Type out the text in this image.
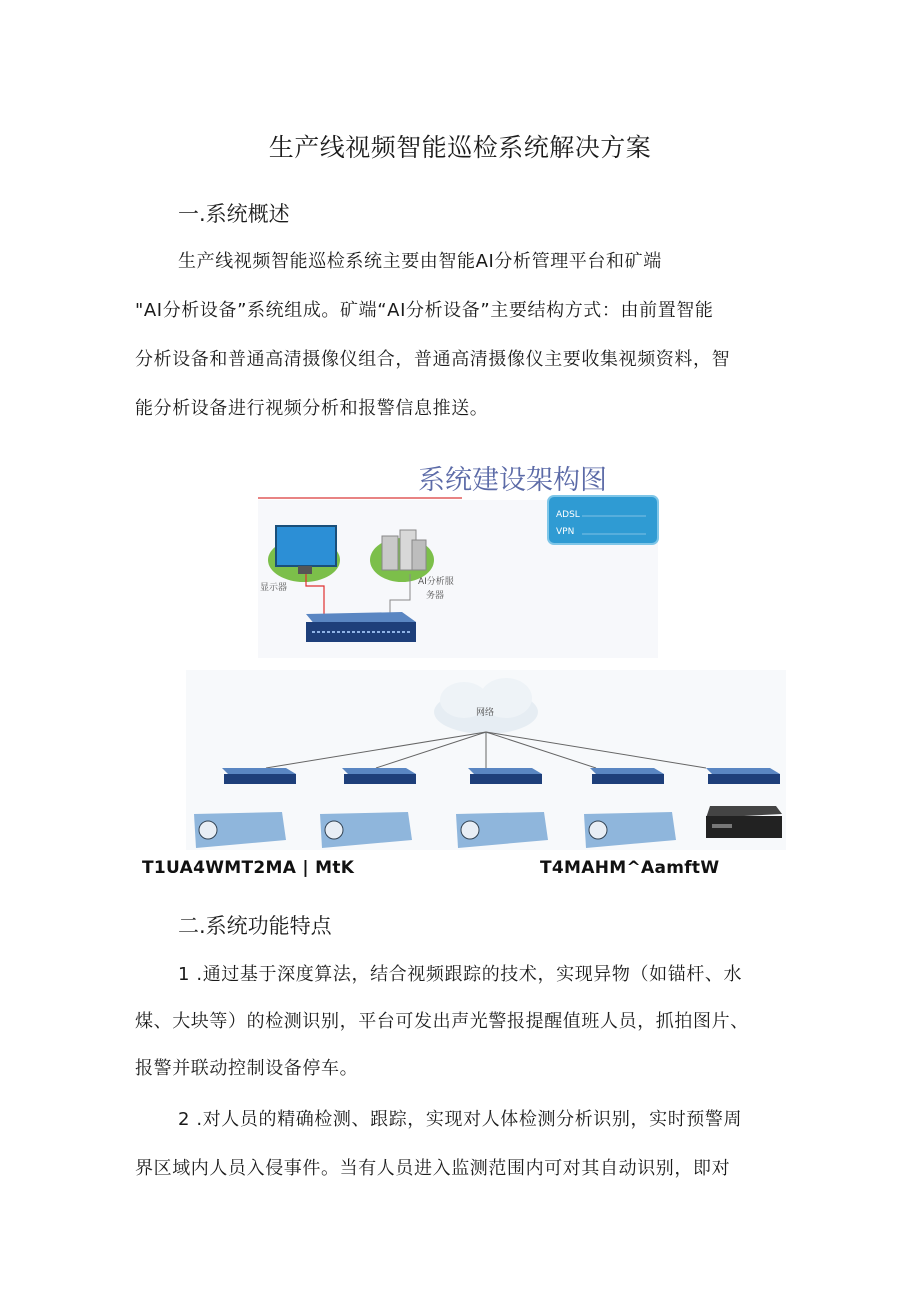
生产线视频智能巡检系统解决方案
一.系统概述
生产线视频智能巡检系统主要由智能AI分析管理平台和矿端
"AI分析设备”系统组成。矿端“AI分析设备”主要结构方式：由前置智能
分析设备和普通高清摄像仪组合，普通高清摄像仪主要收集视频资料，智
能分析设备进行视频分析和报警信息推送。
系统建设架构图
ADSL
VPN
显示器
AI分析服
务器
网络
T1UA4WMT2MA | MtK	T4MAHM^AamftW
二.系统功能特点
1 .通过基于深度算法，结合视频跟踪的技术，实现异物（如锚杆、水
煤、大块等）的检测识别，平台可发出声光警报提醒值班人员，抓拍图片、
报警并联动控制设备停车。
2 .对人员的精确检测、跟踪，实现对人体检测分析识别，实时预警周
界区域内人员入侵事件。当有人员进入监测范围内可对其自动识别，即对
